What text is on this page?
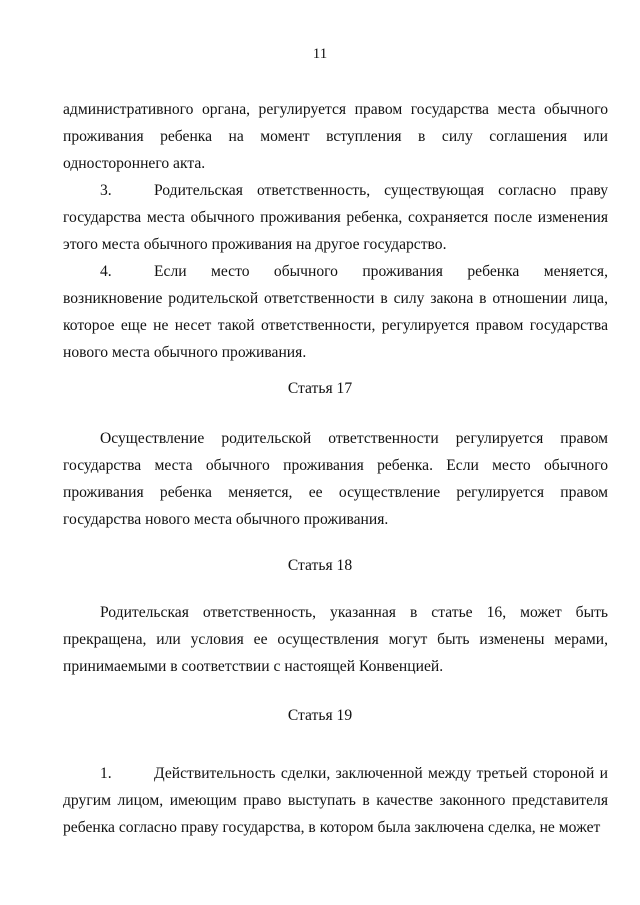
11

административного органа, регулируется правом государства места обычного проживания ребенка на момент вступления в силу соглашения или одностороннего акта.

3.	Родительская ответственность, существующая согласно праву государства места обычного проживания ребенка, сохраняется после изменения этого места обычного проживания на другое государство.

4.	Если место обычного проживания ребенка меняется, возникновение родительской ответственности в силу закона в отношении лица, которое еще не несет такой ответственности, регулируется правом государства нового места обычного проживания.

Статья 17

Осуществление родительской ответственности регулируется правом государства места обычного проживания ребенка. Если место обычного проживания ребенка меняется, ее осуществление регулируется правом государства нового места обычного проживания.

Статья 18

Родительская ответственность, указанная в статье 16, может быть прекращена, или условия ее осуществления могут быть изменены мерами, принимаемыми в соответствии с настоящей Конвенцией.

Статья 19

1.	Действительность сделки, заключенной между третьей стороной и другим лицом, имеющим право выступать в качестве законного представителя ребенка согласно праву государства, в котором была заключена сделка, не может
